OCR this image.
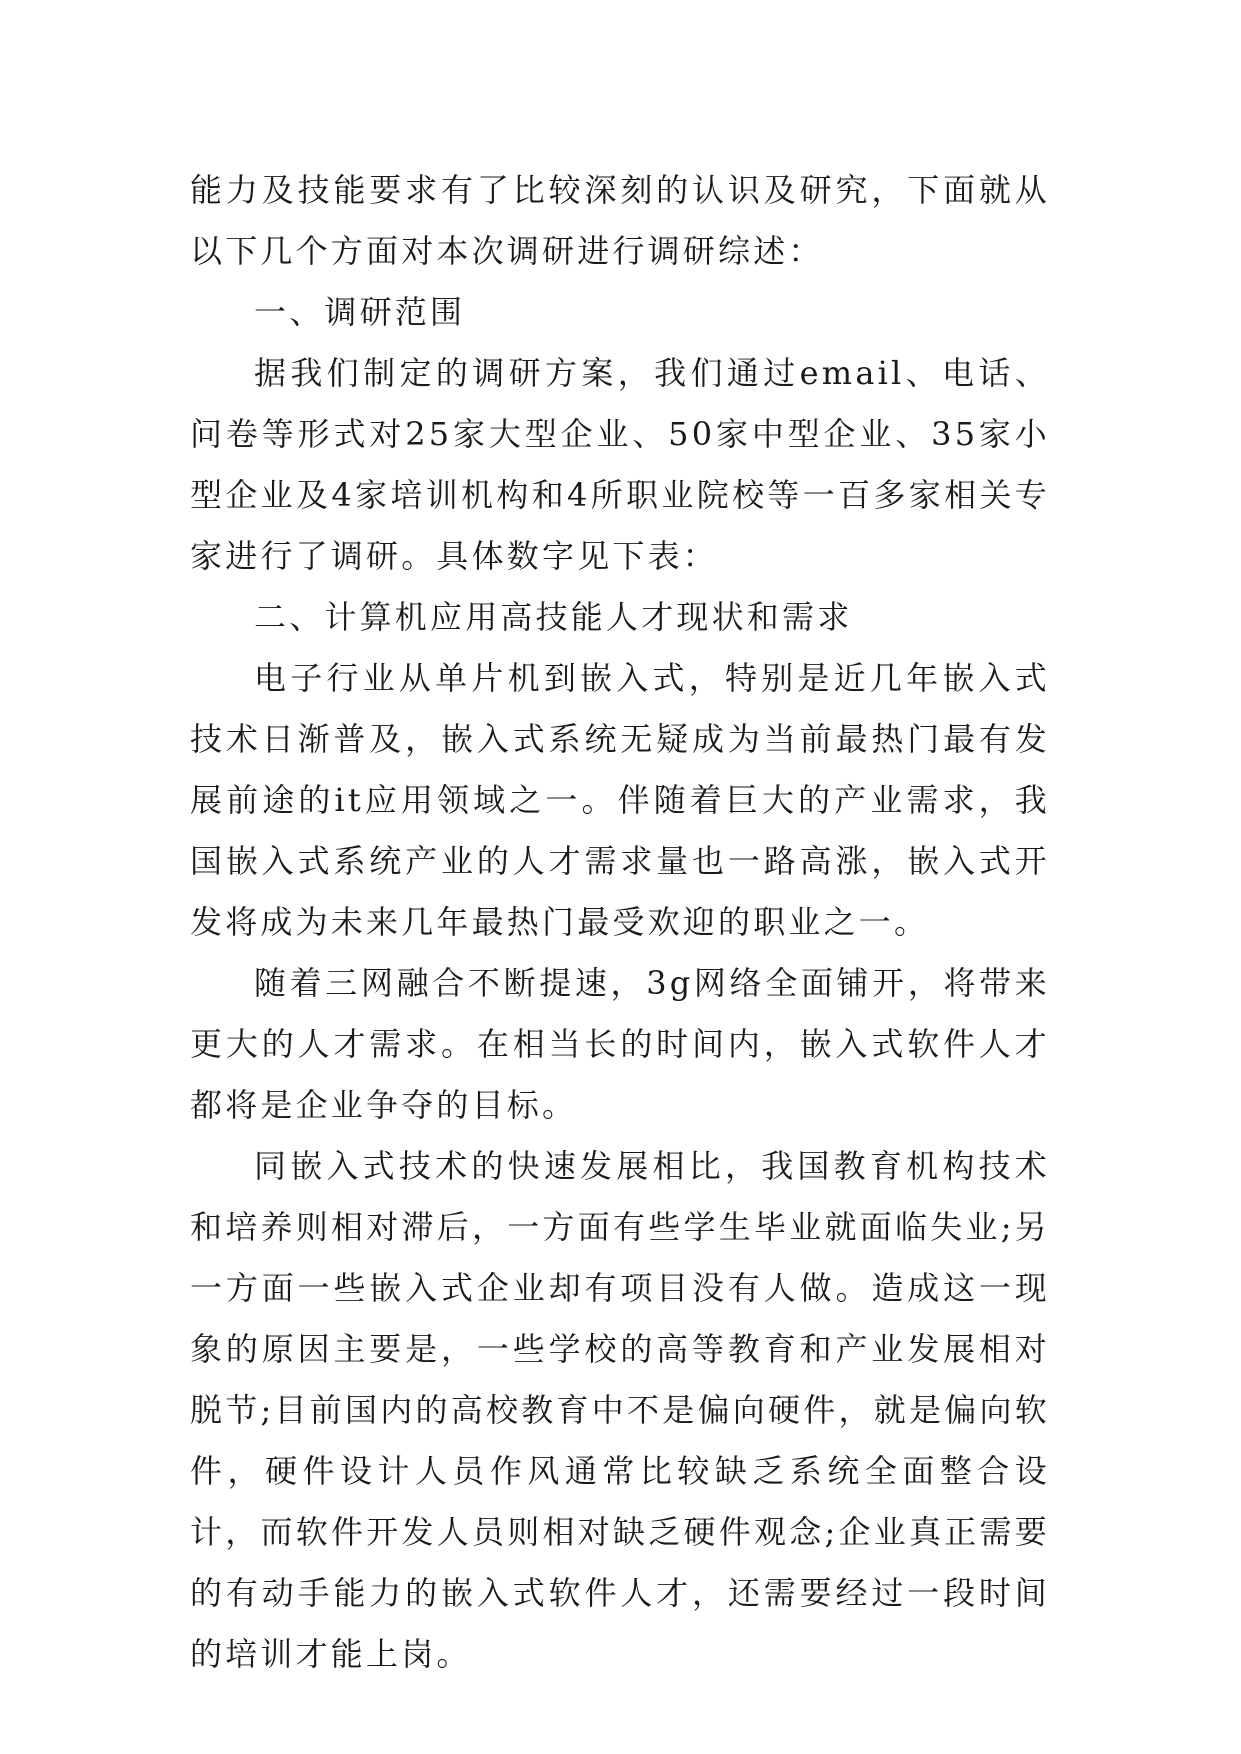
能力及技能要求有了比较深刻的认识及研究，下面就从以下几个方面对本次调研进行调研综述：

一、调研范围

据我们制定的调研方案，我们通过email、电话、问卷等形式对25家大型企业、50家中型企业、35家小型企业及4家培训机构和4所职业院校等一百多家相关专家进行了调研。具体数字见下表：

二、计算机应用高技能人才现状和需求

电子行业从单片机到嵌入式，特别是近几年嵌入式技术日渐普及，嵌入式系统无疑成为当前最热门最有发展前途的it应用领域之一。伴随着巨大的产业需求，我国嵌入式系统产业的人才需求量也一路高涨，嵌入式开发将成为未来几年最热门最受欢迎的职业之一。

随着三网融合不断提速，3g网络全面铺开，将带来更大的人才需求。在相当长的时间内，嵌入式软件人才都将是企业争夺的目标。

同嵌入式技术的快速发展相比，我国教育机构技术和培养则相对滞后，一方面有些学生毕业就面临失业;另一方面一些嵌入式企业却有项目没有人做。造成这一现象的原因主要是，一些学校的高等教育和产业发展相对脱节;目前国内的高校教育中不是偏向硬件，就是偏向软件，硬件设计人员作风通常比较缺乏系统全面整合设计，而软件开发人员则相对缺乏硬件观念;企业真正需要的有动手能力的嵌入式软件人才，还需要经过一段时间的培训才能上岗。
